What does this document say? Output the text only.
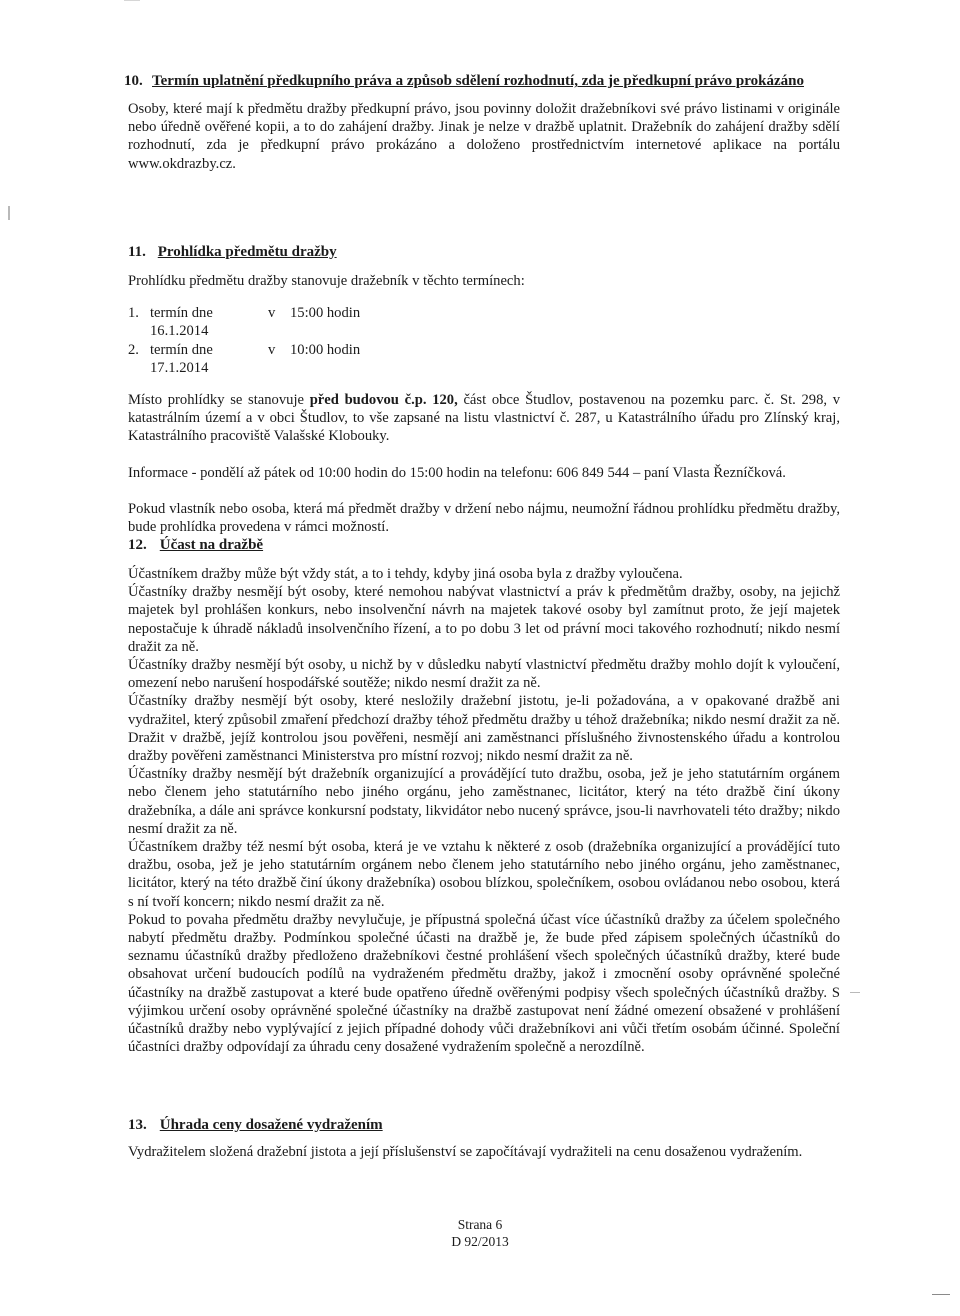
10. Termín uplatnění předkupního práva a způsob sdělení rozhodnutí, zda je předkupní právo prokázáno

Osoby, které mají k předmětu dražby předkupní právo, jsou povinny doložit dražebníkovi své právo listinami v originále nebo úředně ověřené kopii, a to do zahájení dražby. Jinak je nelze v dražbě uplatnit. Dražebník do zahájení dražby sdělí rozhodnutí, zda je předkupní právo prokázáno a doloženo prostřednictvím internetové aplikace na portálu www.okdrazby.cz.

11. Prohlídka předmětu dražby

Prohlídku předmětu dražby stanovuje dražebník v těchto termínech:

1. termín dne 16.1.2014
v	15:00 hodin
2. termín dne 17.1.2014
v	10:00 hodin

Místo prohlídky se stanovuje před budovou č.p. 120, část obce Študlov, postavenou na pozemku parc. č. St. 298, v katastrálním území a v obci Študlov, to vše zapsané na listu vlastnictví č. 287, u Katastrálního úřadu pro Zlínský kraj, Katastrálního pracoviště Valašské Klobouky.

Informace - pondělí až pátek od 10:00 hodin do 15:00 hodin na telefonu: 606 849 544 – paní Vlasta Řezníčková.

Pokud vlastník nebo osoba, která má předmět dražby v držení nebo nájmu, neumožní řádnou prohlídku předmětu dražby, bude prohlídka provedena v rámci možností.

12. Účast na dražbě

Účastníkem dražby může být vždy stát, a to i tehdy, kdyby jiná osoba byla z dražby vyloučena.

Účastníky dražby nesmějí být osoby, které nemohou nabývat vlastnictví a práv k předmětům dražby, osoby, na jejichž majetek byl prohlášen konkurs, nebo insolvenční návrh na majetek takové osoby byl zamítnut proto, že její majetek nepostačuje k úhradě nákladů insolvenčního řízení, a to po dobu 3 let od právní moci takového rozhodnutí; nikdo nesmí dražit za ně.

Účastníky dražby nesmějí být osoby, u nichž by v důsledku nabytí vlastnictví předmětu dražby mohlo dojít k vyloučení, omezení nebo narušení hospodářské soutěže; nikdo nesmí dražit za ně.

Účastníky dražby nesmějí být osoby, které nesložily dražební jistotu, je-li požadována, a v opakované dražbě ani vydražitel, který způsobil zmaření předchozí dražby téhož předmětu dražby u téhož dražebníka; nikdo nesmí dražit za ně. Dražit v dražbě, jejíž kontrolou jsou pověřeni, nesmějí ani zaměstnanci příslušného živnostenského úřadu a kontrolou dražby pověřeni zaměstnanci Ministerstva pro místní rozvoj; nikdo nesmí dražit za ně.

Účastníky dražby nesmějí být dražebník organizující a provádějící tuto dražbu, osoba, jež je jeho statutárním orgánem nebo členem jeho statutárního nebo jiného orgánu, jeho zaměstnanec, licitátor, který na této dražbě činí úkony dražebníka, a dále ani správce konkursní podstaty, likvidátor nebo nucený správce, jsou-li navrhovateli této dražby; nikdo nesmí dražit za ně.

Účastníkem dražby též nesmí být osoba, která je ve vztahu k některé z osob (dražebníka organizující a provádějící tuto dražbu, osoba, jež je jeho statutárním orgánem nebo členem jeho statutárního nebo jiného orgánu, jeho zaměstnanec, licitátor, který na této dražbě činí úkony dražebníka) osobou blízkou, společníkem, osobou ovládanou nebo osobou, která s ní tvoří koncern; nikdo nesmí dražit za ně.

Pokud to povaha předmětu dražby nevylučuje, je přípustná společná účast více účastníků dražby za účelem společného nabytí předmětu dražby. Podmínkou společné účasti na dražbě je, že bude před zápisem společných účastníků do seznamu účastníků dražby předloženo dražebníkovi čestné prohlášení všech společných účastníků dražby, které bude obsahovat určení budoucích podílů na vydraženém předmětu dražby, jakož i zmocnění osoby oprávněné společné účastníky na dražbě zastupovat a které bude opatřeno úředně ověřenými podpisy všech společných účastníků dražby. S výjimkou určení osoby oprávněné společné účastníky na dražbě zastupovat není žádné omezení obsažené v prohlášení účastníků dražby nebo vyplývající z jejich případné dohody vůči dražebníkovi ani vůči třetím osobám účinné. Společní účastníci dražby odpovídají za úhradu ceny dosažené vydražením společně a nerozdílně.

13. Úhrada ceny dosažené vydražením

Vydražitelem složená dražební jistota a její příslušenství se započítávají vydražiteli na cenu dosaženou vydražením.

Strana 6
D 92/2013
